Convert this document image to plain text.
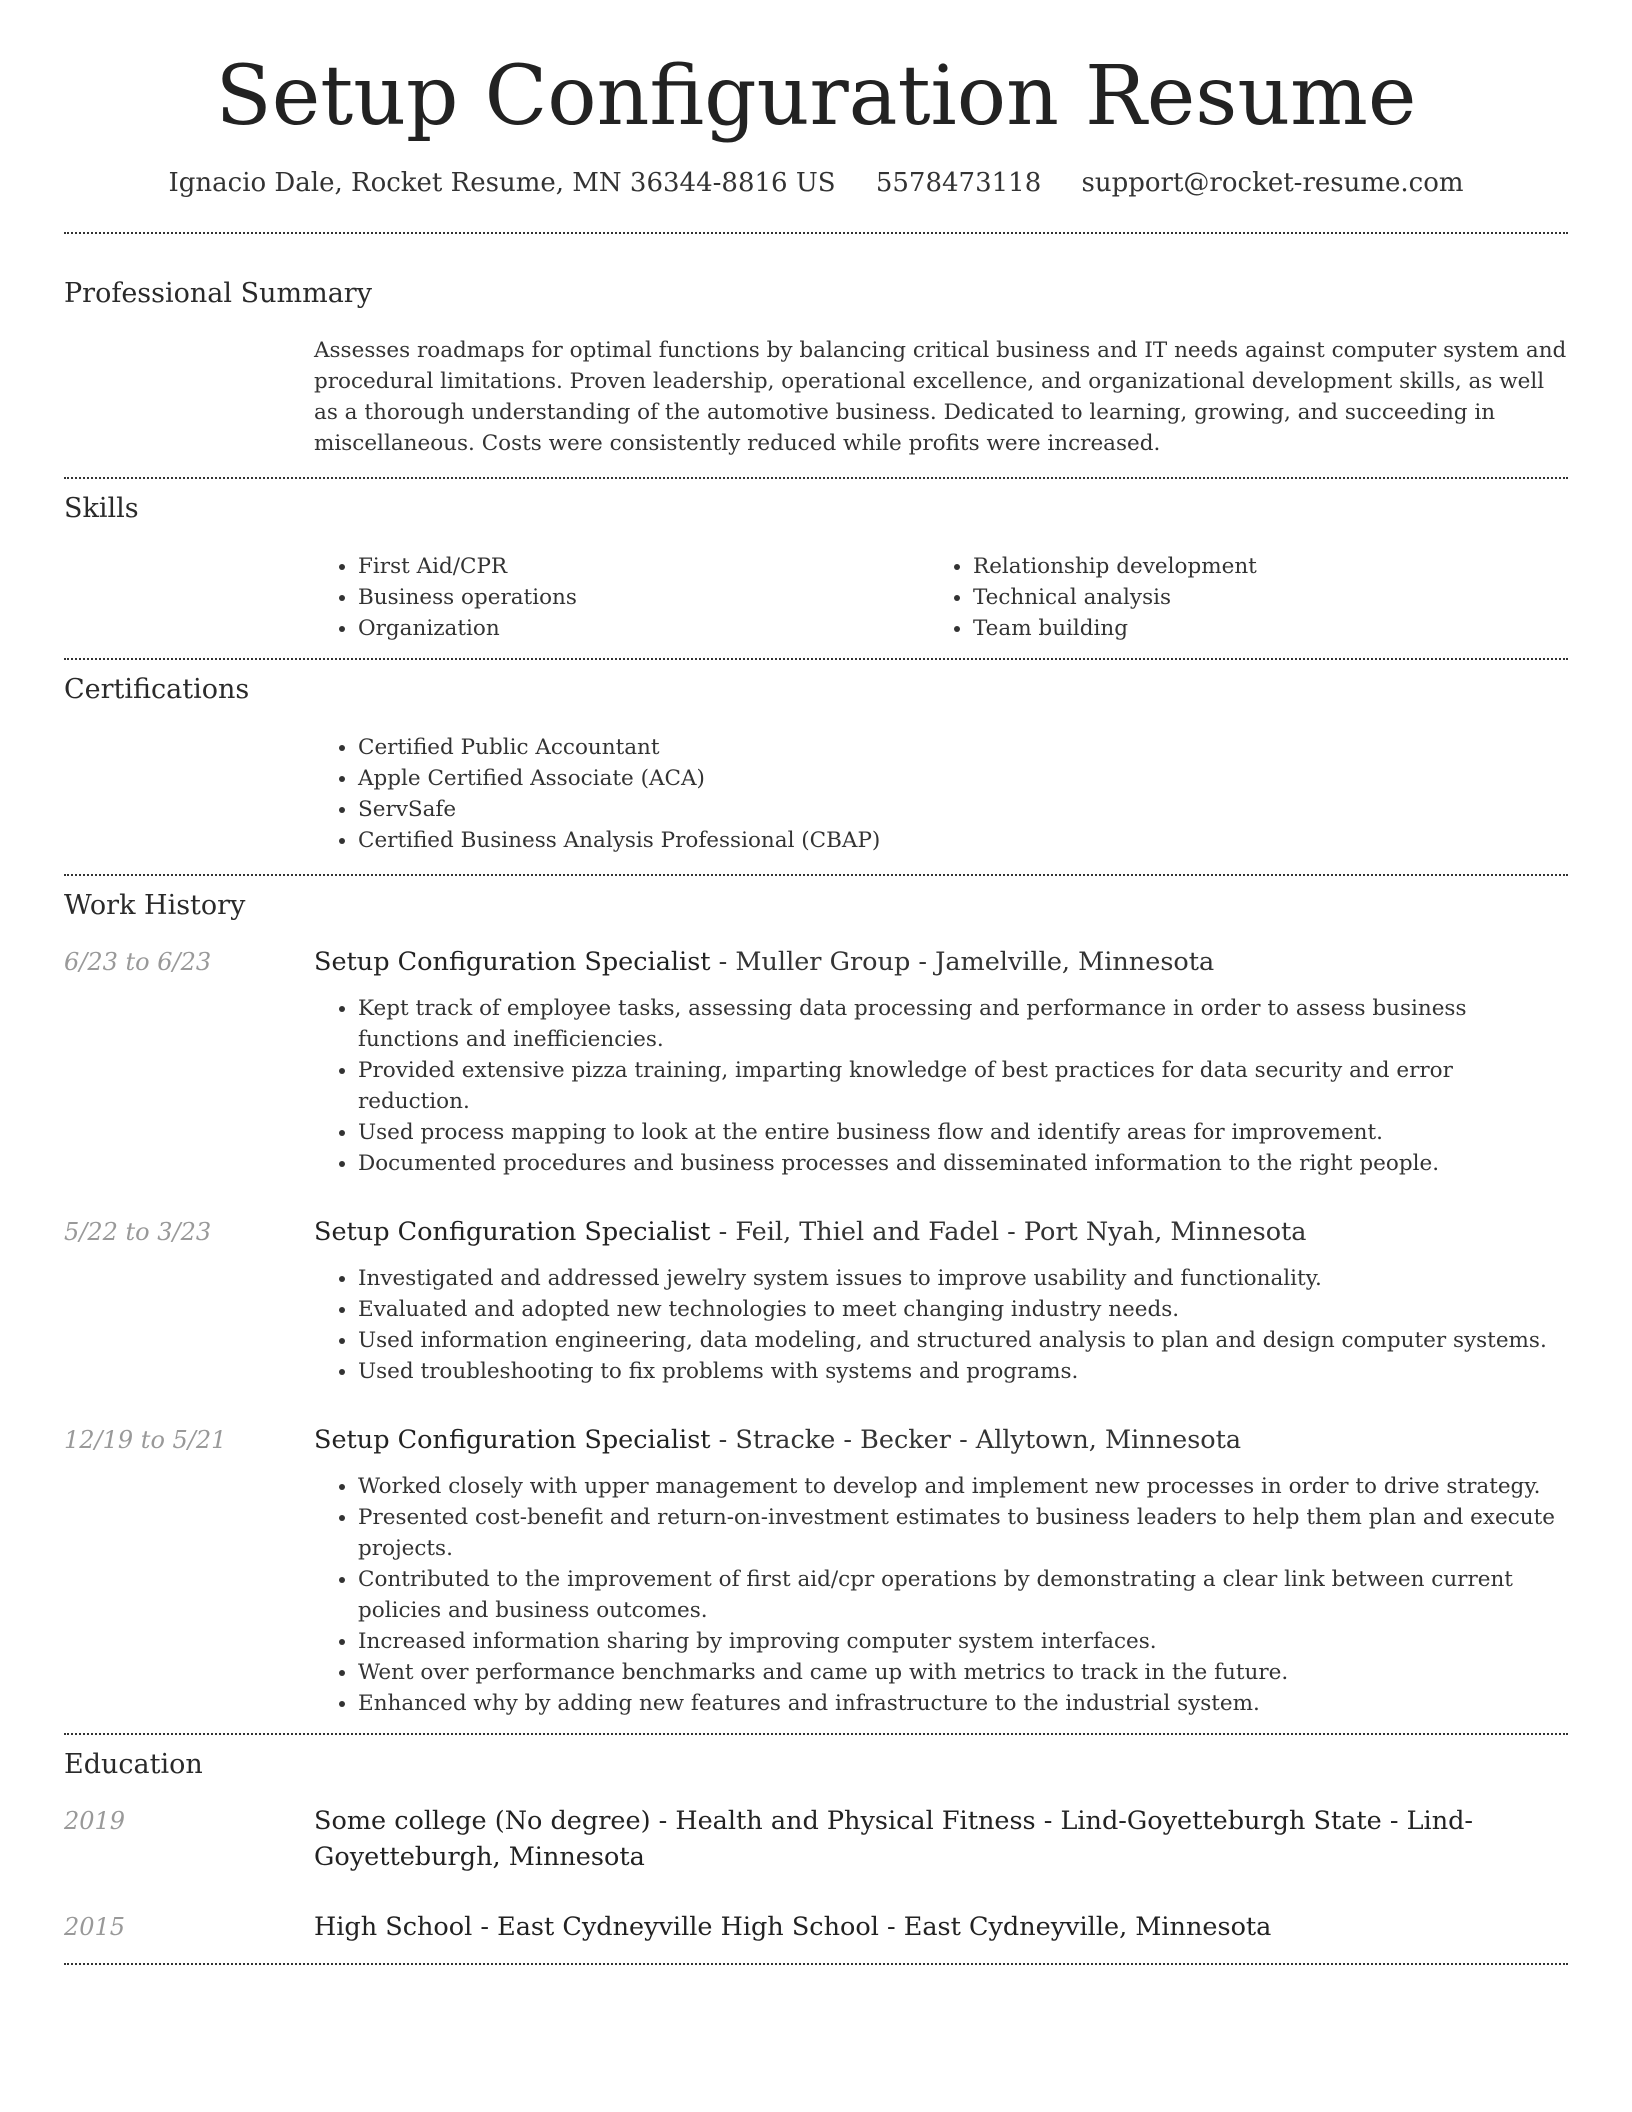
Setup Configuration Resume
Ignacio Dale, Rocket Resume, MN 36344-8816 US 5578473118 support@rocket-resume.com
Professional Summary

Assesses roadmaps for optimal functions by balancing critical business and IT needs against computer system and procedural limitations. Proven leadership, operational excellence, and organizational development skills, as well as a thorough understanding of the automotive business. Dedicated to learning, growing, and succeeding in miscellaneous. Costs were consistently reduced while profits were increased.

Skills
• First Aid/CPR
• Business operations
• Organization
• Relationship development
• Technical analysis
• Team building
Certifications
• Certified Public Accountant
• Apple Certified Associate (ACA)
• ServSafe
• Certified Business Analysis Professional (CBAP)
Work History
6/23 to 6/23	Setup Configuration Specialist - Muller Group - Jamelville, Minnesota
• Kept track of employee tasks, assessing data processing and performance in order to assess business functions and inefficiencies.
• Provided extensive pizza training, imparting knowledge of best practices for data security and error reduction.
• Used process mapping to look at the entire business flow and identify areas for improvement.
• Documented procedures and business processes and disseminated information to the right people.
5/22 to 3/23	Setup Configuration Specialist - Feil, Thiel and Fadel - Port Nyah, Minnesota
• Investigated and addressed jewelry system issues to improve usability and functionality.
• Evaluated and adopted new technologies to meet changing industry needs.
• Used information engineering, data modeling, and structured analysis to plan and design computer systems.
• Used troubleshooting to fix problems with systems and programs.
12/19 to 5/21	Setup Configuration Specialist - Stracke - Becker - Allytown, Minnesota
• Worked closely with upper management to develop and implement new processes in order to drive strategy.
• Presented cost-benefit and return-on-investment estimates to business leaders to help them plan and execute projects.
• Contributed to the improvement of first aid/cpr operations by demonstrating a clear link between current policies and business outcomes.
• Increased information sharing by improving computer system interfaces.
• Went over performance benchmarks and came up with metrics to track in the future.
• Enhanced why by adding new features and infrastructure to the industrial system.
Education
2019	Some college (No degree) - Health and Physical Fitness - Lind-Goyetteburgh State - Lind-Goyetteburgh, Minnesota
2015	High School - East Cydneyville High School - East Cydneyville, Minnesota
